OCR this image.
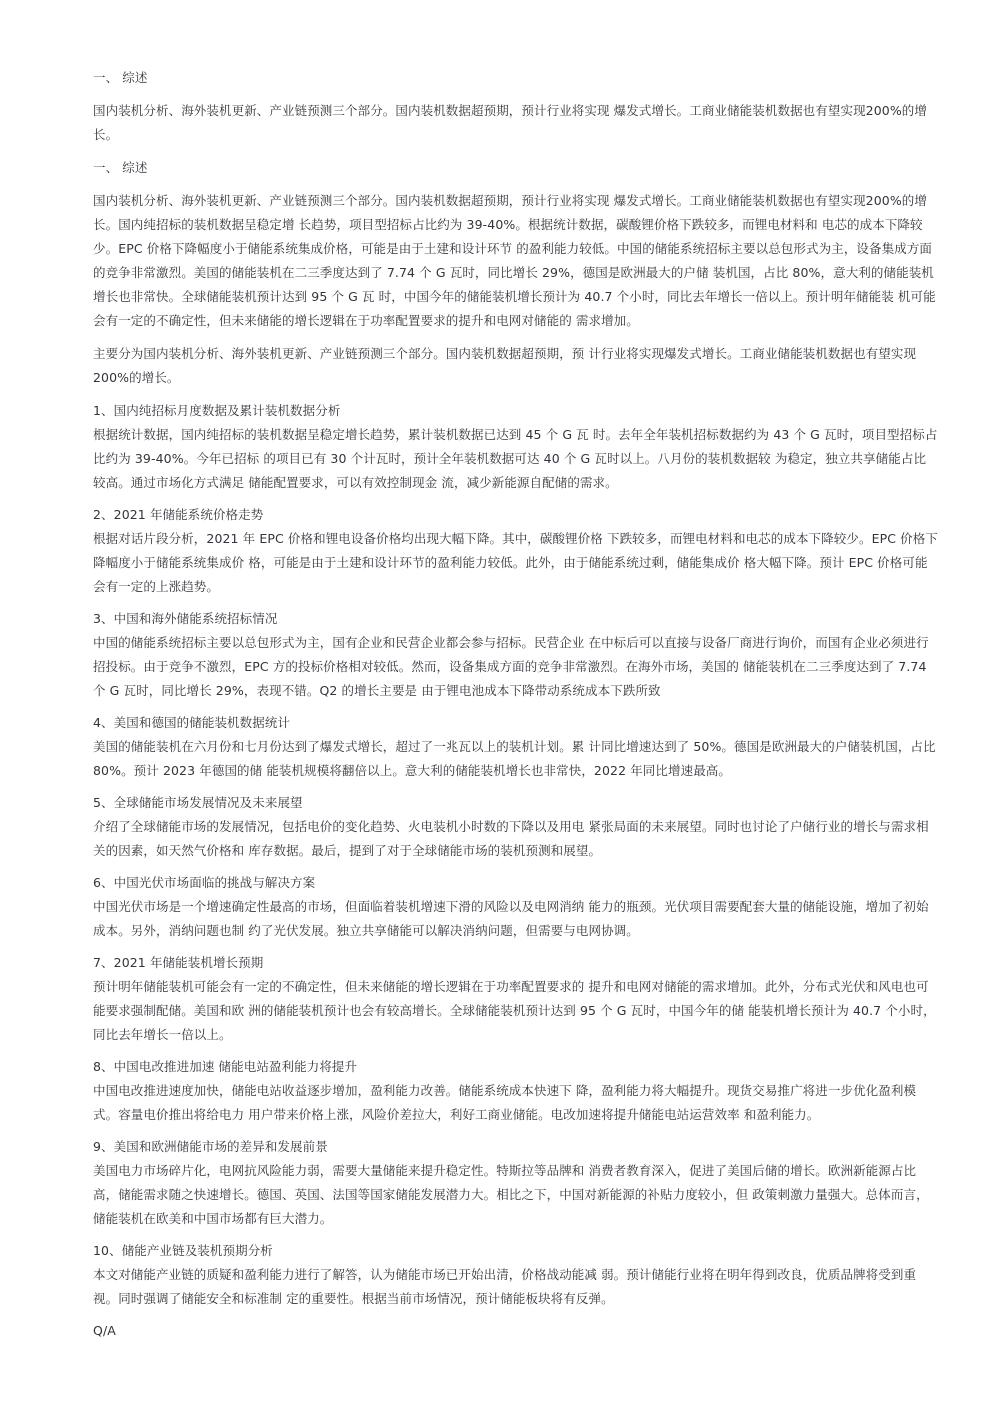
一、 综述

国内装机分析、海外装机更新、产业链预测三个部分。国内装机数据超预期，预计行业将实现 爆发式增长。工商业储能装机数据也有望实现200%的增长。

一、 综述

国内装机分析、海外装机更新、产业链预测三个部分。国内装机数据超预期，预计行业将实现 爆发式增长。工商业储能装机数据也有望实现200%的增长。国内纯招标的装机数据呈稳定增 长趋势，项目型招标占比约为 39-40%。根据统计数据，碳酸锂价格下跌较多，而锂电材料和 电芯的成本下降较少。EPC 价格下降幅度小于储能系统集成价格，可能是由于土建和设计环节 的盈利能力较低。中国的储能系统招标主要以总包形式为主，设备集成方面的竞争非常激烈。美国的储能装机在二三季度达到了 7.74 个 G 瓦时，同比增长 29%，德国是欧洲最大的户储 装机国，占比 80%，意大利的储能装机增长也非常快。全球储能装机预计达到 95 个 G 瓦 时，中国今年的储能装机增长预计为 40.7 个小时，同比去年增长一倍以上。预计明年储能装 机可能会有一定的不确定性，但未来储能的增长逻辑在于功率配置要求的提升和电网对储能的 需求增加。

主要分为国内装机分析、海外装机更新、产业链预测三个部分。国内装机数据超预期，预 计行业将实现爆发式增长。工商业储能装机数据也有望实现 200%的增长。

1、国内纯招标月度数据及累计装机数据分析

根据统计数据，国内纯招标的装机数据呈稳定增长趋势，累计装机数据已达到 45 个 G 瓦 时。去年全年装机招标数据约为 43 个 G 瓦时，项目型招标占比约为 39-40%。今年已招标 的项目已有 30 个计瓦时，预计全年装机数据可达 40 个 G 瓦时以上。八月份的装机数据较 为稳定，独立共享储能占比较高。通过市场化方式满足 储能配置要求，可以有效控制现金 流，减少新能源自配储的需求。

2、2021 年储能系统价格走势

根据对话片段分析，2021 年 EPC 价格和锂电设备价格均出现大幅下降。其中，碳酸锂价格 下跌较多，而锂电材料和电芯的成本下降较少。EPC 价格下降幅度小于储能系统集成价 格，可能是由于土建和设计环节的盈利能力较低。此外，由于储能系统过剩，储能集成价 格大幅下降。预计 EPC 价格可能会有一定的上涨趋势。

3、中国和海外储能系统招标情况

中国的储能系统招标主要以总包形式为主，国有企业和民营企业都会参与招标。民营企业 在中标后可以直接与设备厂商进行询价，而国有企业必须进行招投标。由于竞争不激烈，EPC 方的投标价格相对较低。然而，设备集成方面的竞争非常激烈。在海外市场，美国的 储能装机在二三季度达到了 7.74 个 G 瓦时，同比增长 29%，表现不错。Q2 的增长主要是 由于锂电池成本下降带动系统成本下跌所致

4、美国和德国的储能装机数据统计

美国的储能装机在六月份和七月份达到了爆发式增长，超过了一兆瓦以上的装机计划。累 计同比增速达到了 50%。德国是欧洲最大的户储装机国，占比 80%。预计 2023 年德国的储 能装机规模将翻倍以上。意大利的储能装机增长也非常快，2022 年同比增速最高。

5、全球储能市场发展情况及未来展望

介绍了全球储能市场的发展情况，包括电价的变化趋势、火电装机小时数的下降以及用电 紧张局面的未来展望。同时也讨论了户储行业的增长与需求相关的因素，如天然气价格和 库存数据。最后，提到了对于全球储能市场的装机预测和展望。

6、中国光伏市场面临的挑战与解决方案

中国光伏市场是一个增速确定性最高的市场，但面临着装机增速下滑的风险以及电网消纳 能力的瓶颈。光伏项目需要配套大量的储能设施，增加了初始成本。另外，消纳问题也制 约了光伏发展。独立共享储能可以解决消纳问题，但需要与电网协调。

7、2021 年储能装机增长预期

预计明年储能装机可能会有一定的不确定性，但未来储能的增长逻辑在于功率配置要求的 提升和电网对储能的需求增加。此外，分布式光伏和风电也可能要求强制配储。美国和欧 洲的储能装机预计也会有较高增长。全球储能装机预计达到 95 个 G 瓦时，中国今年的储 能装机增长预计为 40.7 个小时，同比去年增长一倍以上。

8、中国电改推进加速 储能电站盈利能力将提升

中国电改推进速度加快，储能电站收益逐步增加，盈利能力改善。储能系统成本快速下 降，盈利能力将大幅提升。现货交易推广将进一步优化盈利模式。容量电价推出将给电力 用户带来价格上涨，风险价差拉大，利好工商业储能。电改加速将提升储能电站运营效率 和盈利能力。

9、美国和欧洲储能市场的差异和发展前景

美国电力市场碎片化，电网抗风险能力弱，需要大量储能来提升稳定性。特斯拉等品牌和 消费者教育深入，促进了美国后储的增长。欧洲新能源占比高，储能需求随之快速增长。德国、英国、法国等国家储能发展潜力大。相比之下，中国对新能源的补贴力度较小，但 政策刺激力量强大。总体而言，储能装机在欧美和中国市场都有巨大潜力。

10、储能产业链及装机预期分析

本文对储能产业链的质疑和盈利能力进行了解答，认为储能市场已开始出清，价格战动能减 弱。预计储能行业将在明年得到改良，优质品牌将受到重视。同时强调了储能安全和标准制 定的重要性。根据当前市场情况，预计储能板块将有反弹。

Q/A
